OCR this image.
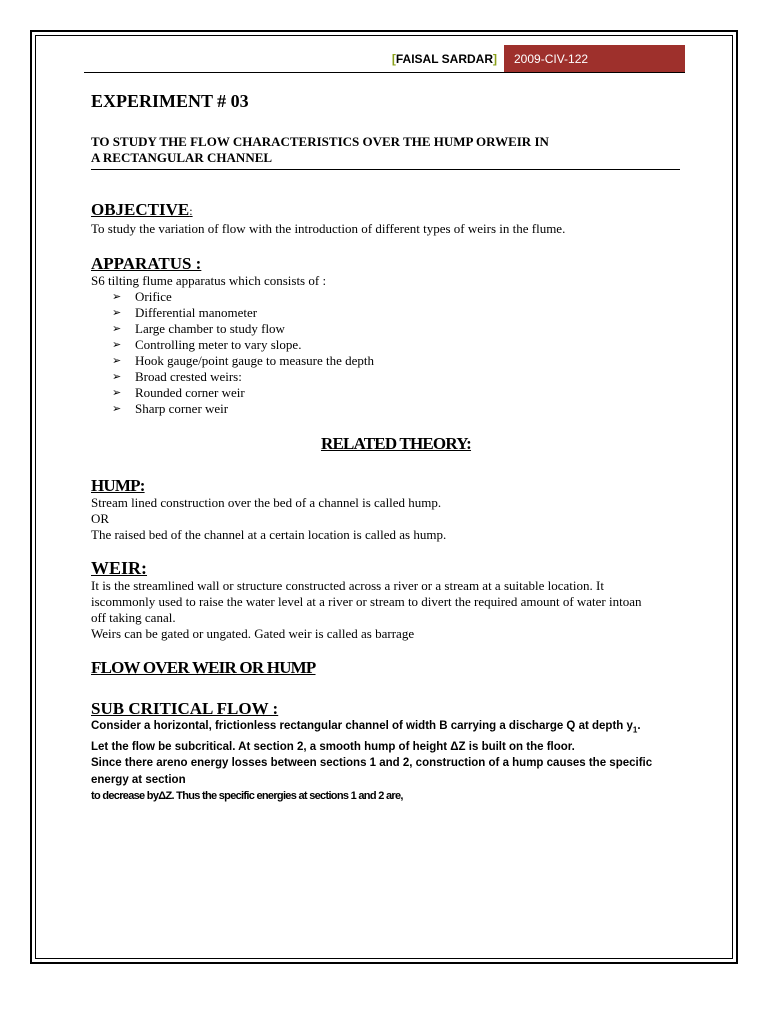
[FAISAL SARDAR]	2009-CIV-122
EXPERIMENT # 03
TO STUDY THE FLOW CHARACTERISTICS OVER THE HUMP ORWEIR IN
A RECTANGULAR CHANNEL
OBJECTIVE:

To study the variation of flow with the introduction of different types of weirs in the flume.

APPARATUS :

S6 tilting flume apparatus which consists of :

➢ Orifice
➢ Differential manometer
➢ Large chamber to study flow
➢ Controlling meter to vary slope.
➢ Hook gauge/point gauge to measure the depth
➢ Broad crested weirs:
➢ Rounded corner weir
➢ Sharp corner weir
RELATED THEORY:
HUMP:

Stream lined construction over the bed of a channel is called hump.

OR

The raised bed of the channel at a certain location is called as hump.

WEIR:

It is the streamlined wall or structure constructed across a river or a stream at a suitable location. It

iscommonly used to raise the water level at a river or stream to divert the required amount of water intoan

off taking canal.

Weirs can be gated or ungated. Gated weir is called as barrage

FLOW OVER WEIR OR HUMP
SUB CRITICAL FLOW :

Consider a horizontal, frictionless rectangular channel of width B carrying a discharge Q at depth $y_1$.

Let the flow be subcritical. At section 2, a smooth hump of height ΔZ is built on the floor.

Since there areno energy losses between sections 1 and 2, construction of a hump causes the specific

energy at section

to decrease byΔZ. Thus the specific energies at sections 1 and 2 are,
